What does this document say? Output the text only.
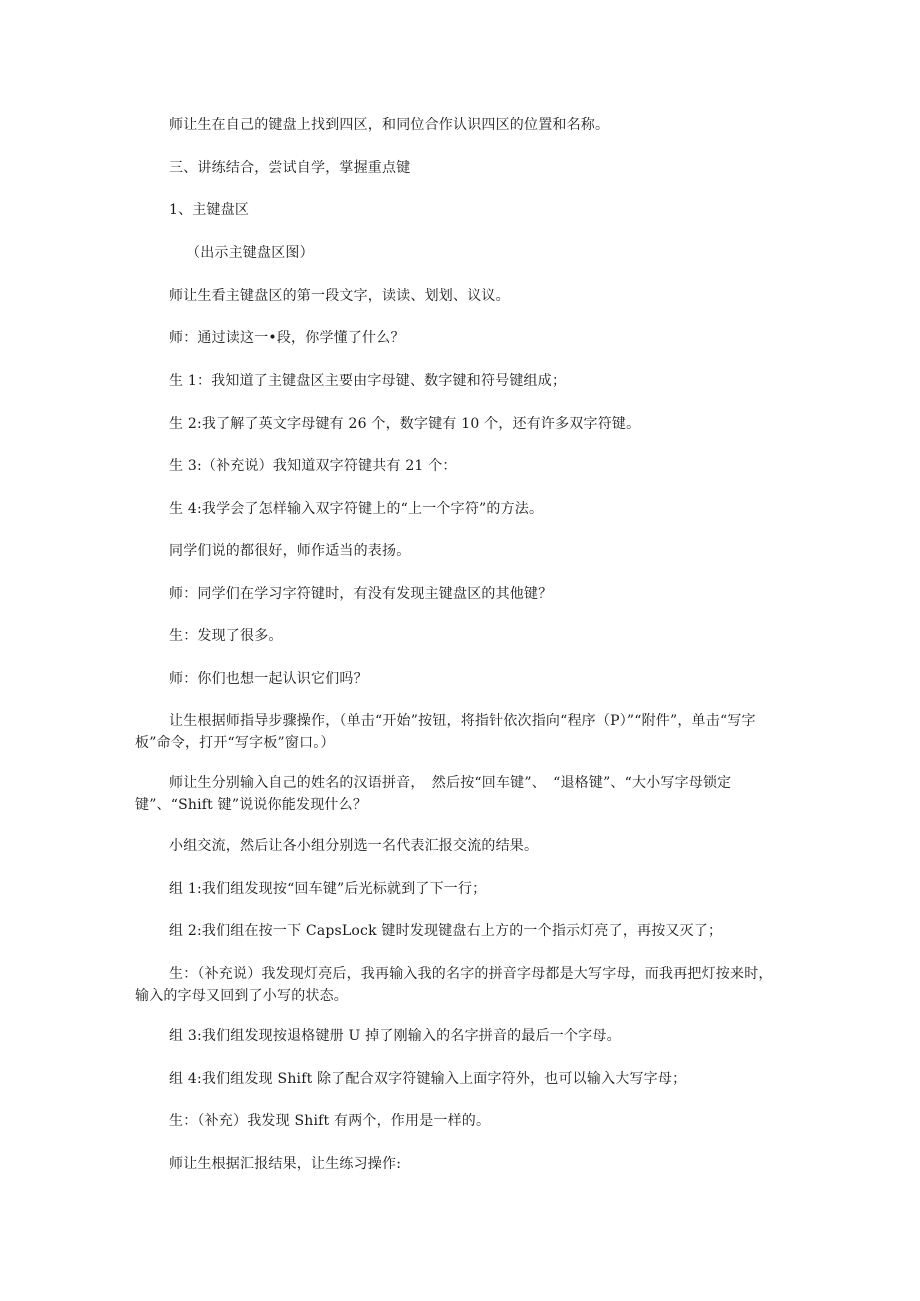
师让生在自己的键盘上找到四区，和同位合作认识四区的位置和名称。

三、讲练结合，尝试自学，掌握重点键

1、主键盘区

（出示主键盘区图）

师让生看主键盘区的第一段文字，读读、划划、议议。

师：通过读这一•段，你学懂了什么？

生 1：我知道了主键盘区主要由字母键、数字键和符号键组成；

生 2:我了解了英文字母键有 26 个，数字键有 10 个，还有许多双字符键。

生 3:（补充说）我知道双字符键共有 21 个：

生 4:我学会了怎样输入双字符键上的“上一个字符”的方法。

同学们说的都很好，师作适当的表扬。

师：同学们在学习字符键时，有没有发现主键盘区的其他键？

生：发现了很多。

师：你们也想一起认识它们吗？

让生根据师指导步骤操作，（单击“开始”按钮，将指针依次指向“程序（P）”“附件”，单击“写字板”命令，打开“写字板”窗口。）

师让生分别输入自己的姓名的汉语拼音，　然后按“回车键”、　“退格键”、“大小写字母锁定键”、“Shift 键”说说你能发现什么？

小组交流，然后让各小组分别选一名代表汇报交流的结果。

组 1:我们组发现按“回车键”后光标就到了下一行；

组 2:我们组在按一下 CapsLock 键时发现键盘右上方的一个指示灯亮了，再按又灭了；

生：（补充说）我发现灯亮后，我再输入我的名字的拼音字母都是大写字母，而我再把灯按来时，输入的字母又回到了小写的状态。

组 3:我们组发现按退格键册 U 掉了刚输入的名字拼音的最后一个字母。

组 4:我们组发现 Shift 除了配合双字符键输入上面字符外，也可以输入大写字母；

生：（补充）我发现 Shift 有两个，作用是一样的。

师让生根据汇报结果，让生练习操作:
